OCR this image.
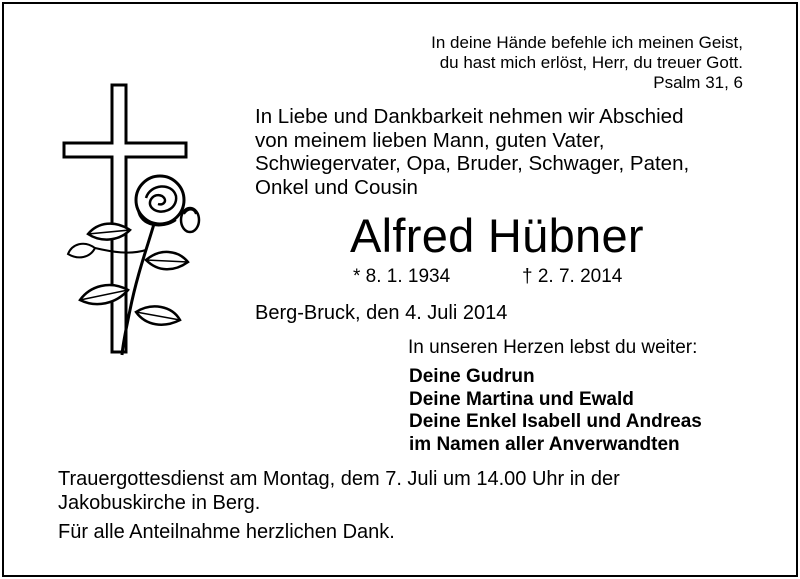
In deine Hände befehle ich meinen Geist,
du hast mich erlöst, Herr, du treuer Gott.
Psalm 31, 6
In Liebe und Dankbarkeit nehmen wir Abschied
von meinem lieben Mann, guten Vater,
Schwiegervater, Opa, Bruder, Schwager, Paten,
Onkel und Cousin
Alfred Hübner
* 8. 1. 1934	† 2. 7. 2014
Berg-Bruck, den 4. Juli 2014
In unseren Herzen lebst du weiter:
Deine Gudrun
Deine Martina und Ewald
Deine Enkel Isabell und Andreas
im Namen aller Anverwandten
Trauergottesdienst am Montag, dem 7. Juli um 14.00 Uhr in der
Jakobuskirche in Berg.
Für alle Anteilnahme herzlichen Dank.
